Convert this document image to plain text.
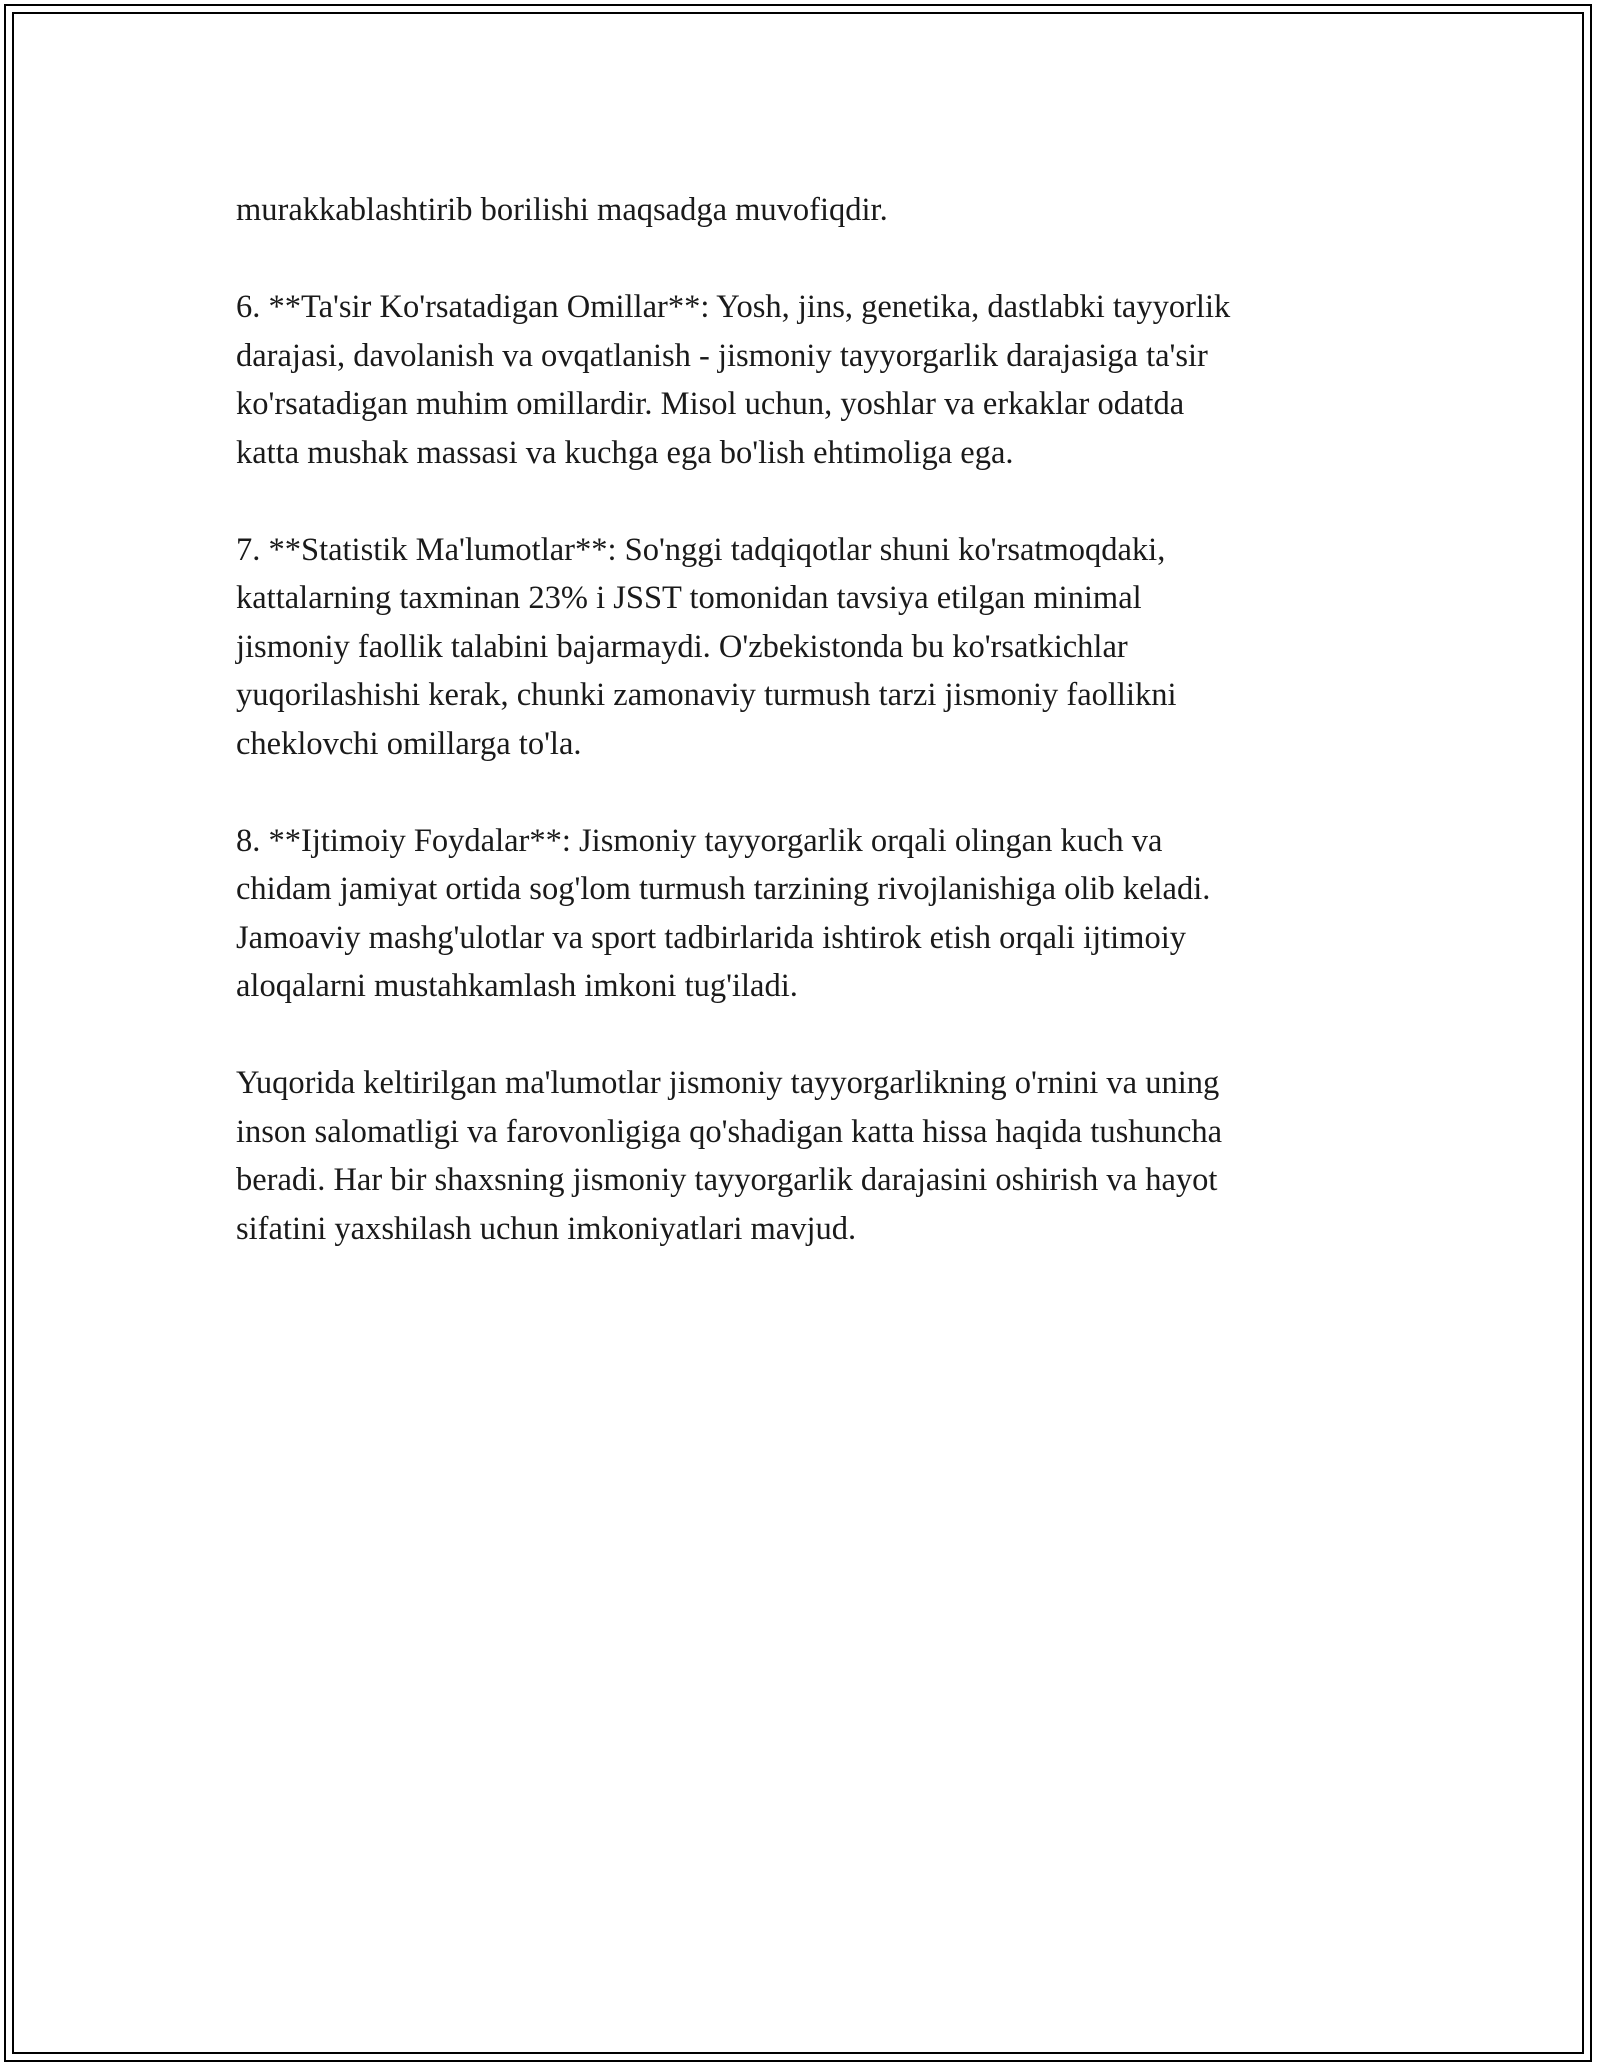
murakkablashtirib borilishi maqsadga muvofiqdir.

6. **Ta'sir Ko'rsatadigan Omillar**: Yosh, jins, genetika, dastlabki tayyorlik
darajasi, davolanish va ovqatlanish - jismoniy tayyorgarlik darajasiga ta'sir
ko'rsatadigan muhim omillardir. Misol uchun, yoshlar va erkaklar odatda
katta mushak massasi va kuchga ega bo'lish ehtimoliga ega.

7. **Statistik Ma'lumotlar**: So'nggi tadqiqotlar shuni ko'rsatmoqdaki,
kattalarning taxminan 23% i JSST tomonidan tavsiya etilgan minimal
jismoniy faollik talabini bajarmaydi. O'zbekistonda bu ko'rsatkichlar
yuqorilashishi kerak, chunki zamonaviy turmush tarzi jismoniy faollikni
cheklovchi omillarga to'la.

8. **Ijtimoiy Foydalar**: Jismoniy tayyorgarlik orqali olingan kuch va
chidam jamiyat ortida sog'lom turmush tarzining rivojlanishiga olib keladi.
Jamoaviy mashg'ulotlar va sport tadbirlarida ishtirok etish orqali ijtimoiy
aloqalarni mustahkamlash imkoni tug'iladi.

Yuqorida keltirilgan ma'lumotlar jismoniy tayyorgarlikning o'rnini va uning
inson salomatligi va farovonligiga qo'shadigan katta hissa haqida tushuncha
beradi. Har bir shaxsning jismoniy tayyorgarlik darajasini oshirish va hayot
sifatini yaxshilash uchun imkoniyatlari mavjud.
